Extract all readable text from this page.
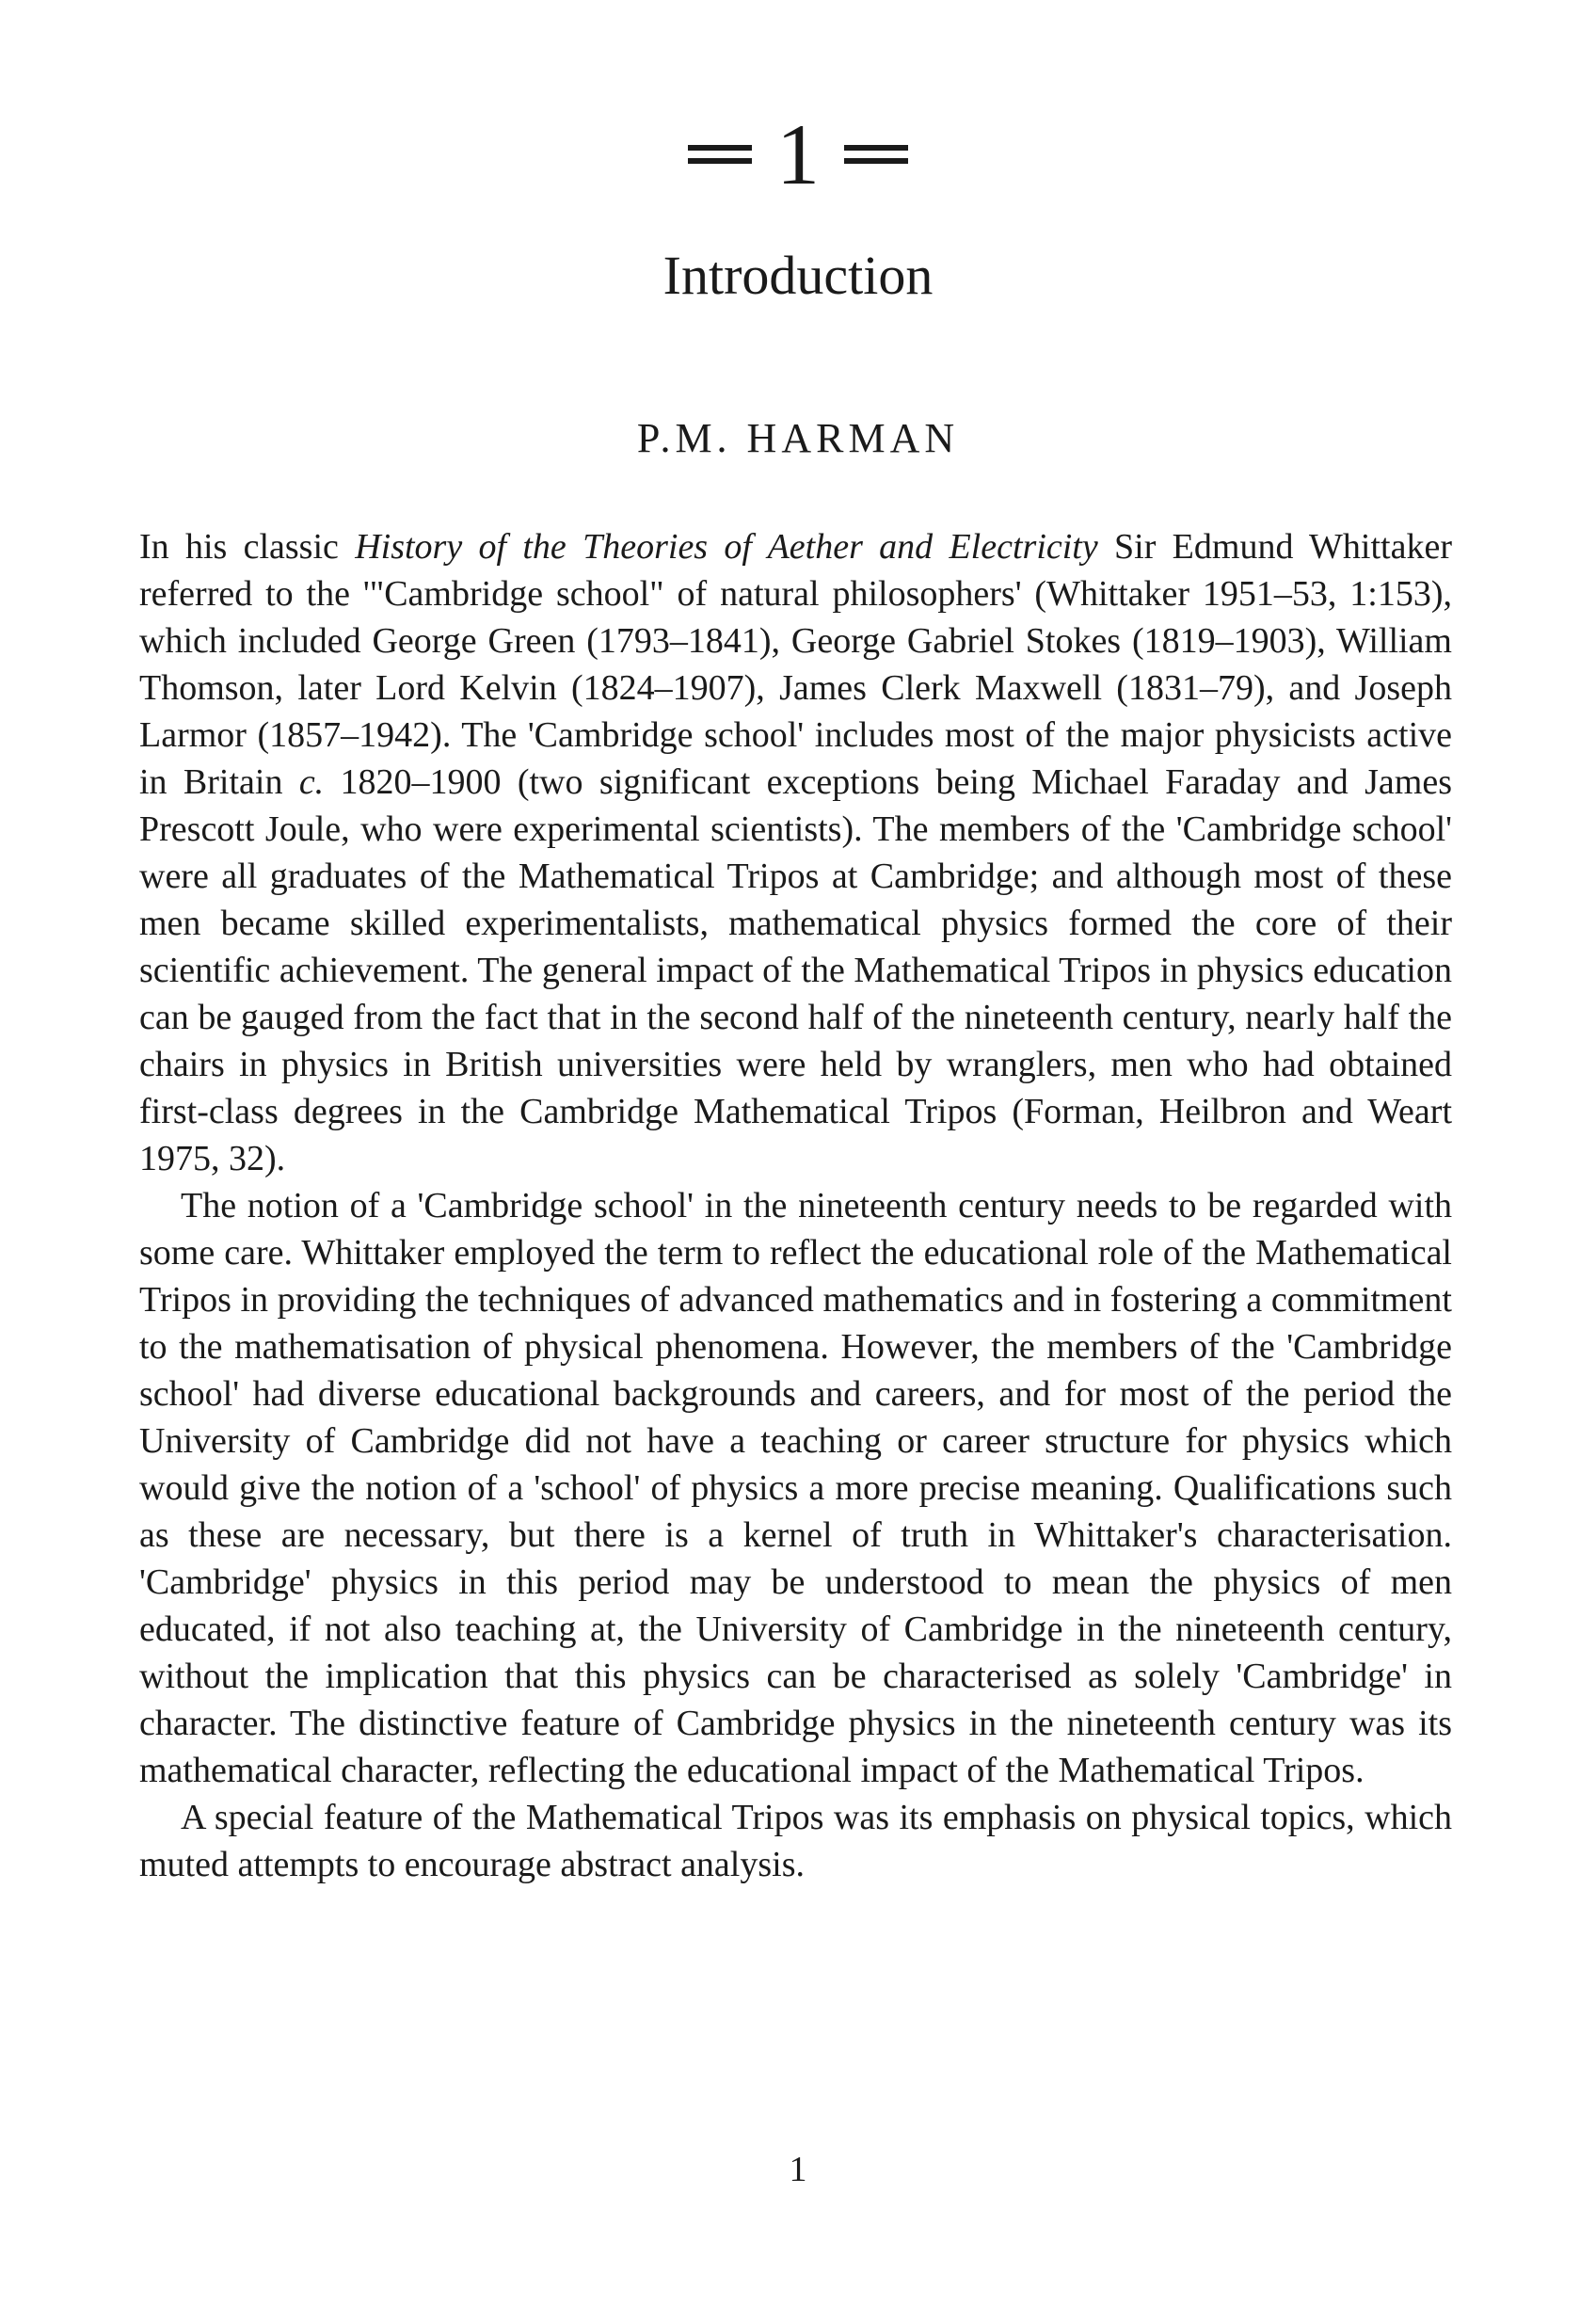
1
Introduction
P.M. HARMAN

In his classic History of the Theories of Aether and Electricity Sir Edmund Whittaker referred to the '"Cambridge school" of natural philosophers' (Whittaker 1951–53, 1:153), which included George Green (1793–1841), George Gabriel Stokes (1819–1903), William Thomson, later Lord Kelvin (1824–1907), James Clerk Maxwell (1831–79), and Joseph Larmor (1857–1942). The 'Cambridge school' includes most of the major physicists active in Britain c. 1820–1900 (two significant exceptions being Michael Faraday and James Prescott Joule, who were experimental scientists). The members of the 'Cambridge school' were all graduates of the Mathematical Tripos at Cambridge; and although most of these men became skilled experimentalists, mathematical physics formed the core of their scientific achievement. The general impact of the Mathematical Tripos in physics education can be gauged from the fact that in the second half of the nineteenth century, nearly half the chairs in physics in British universities were held by wranglers, men who had obtained first-class degrees in the Cambridge Mathematical Tripos (Forman, Heilbron and Weart 1975, 32).

The notion of a 'Cambridge school' in the nineteenth century needs to be regarded with some care. Whittaker employed the term to reflect the educational role of the Mathematical Tripos in providing the techniques of advanced mathematics and in fostering a commitment to the mathematisation of physical phenomena. However, the members of the 'Cambridge school' had diverse educational backgrounds and careers, and for most of the period the University of Cambridge did not have a teaching or career structure for physics which would give the notion of a 'school' of physics a more precise meaning. Qualifications such as these are necessary, but there is a kernel of truth in Whittaker's characterisation. 'Cambridge' physics in this period may be understood to mean the physics of men educated, if not also teaching at, the University of Cambridge in the nineteenth century, without the implication that this physics can be characterised as solely 'Cambridge' in character. The distinctive feature of Cambridge physics in the nineteenth century was its mathematical character, reflecting the educational impact of the Mathematical Tripos.

A special feature of the Mathematical Tripos was its emphasis on physical topics, which muted attempts to encourage abstract analysis.

1
